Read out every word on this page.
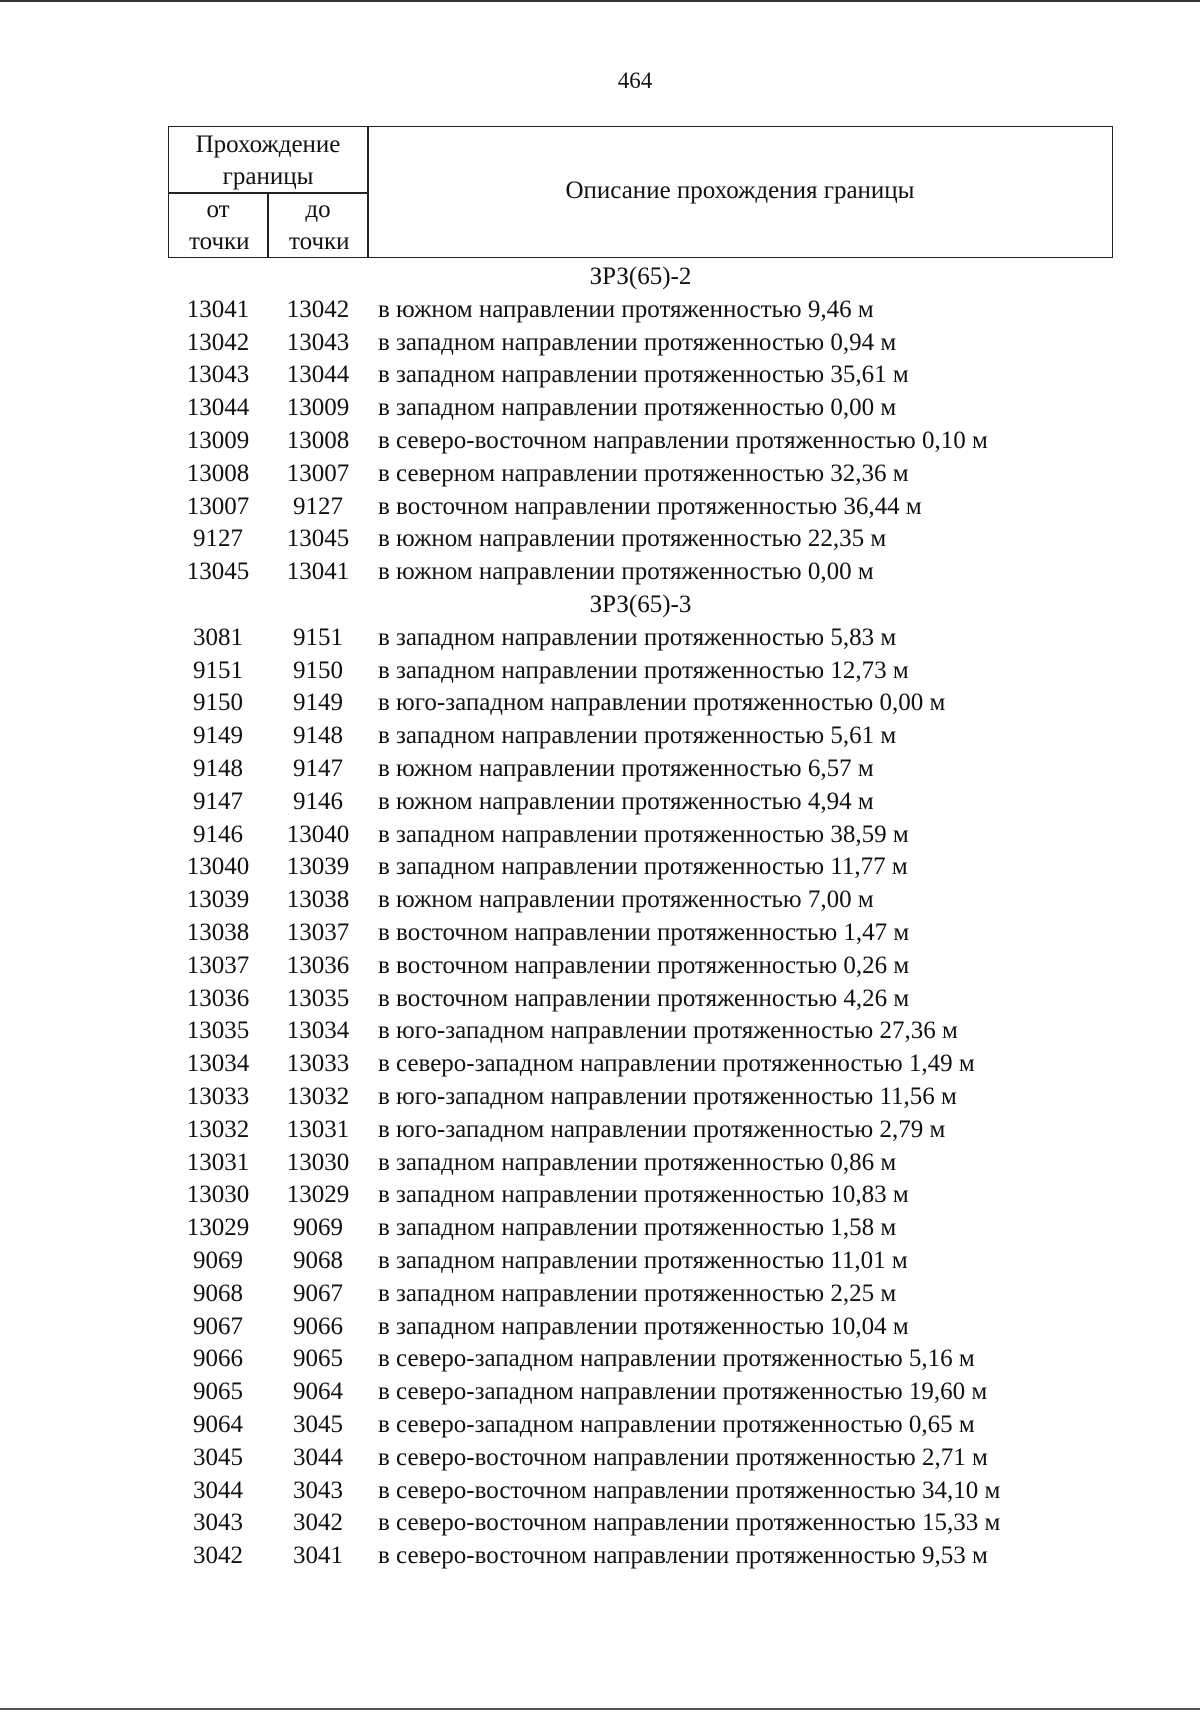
464
Прохождение границы
от точки
до точки
Описание прохождения границы
ЗРЗ(65)-2
13041	13042	в южном направлении протяженностью 9,46 м
13042	13043	в западном направлении протяженностью 0,94 м
13043	13044	в западном направлении протяженностью 35,61 м
13044	13009	в западном направлении протяженностью 0,00 м
13009	13008	в северо-восточном направлении протяженностью 0,10 м
13008	13007	в северном направлении протяженностью 32,36 м
13007	9127	в восточном направлении протяженностью 36,44 м
9127	13045	в южном направлении протяженностью 22,35 м
13045	13041	в южном направлении протяженностью 0,00 м
ЗРЗ(65)-3
3081	9151	в западном направлении протяженностью 5,83 м
9151	9150	в западном направлении протяженностью 12,73 м
9150	9149	в юго-западном направлении протяженностью 0,00 м
9149	9148	в западном направлении протяженностью 5,61 м
9148	9147	в южном направлении протяженностью 6,57 м
9147	9146	в южном направлении протяженностью 4,94 м
9146	13040	в западном направлении протяженностью 38,59 м
13040	13039	в западном направлении протяженностью 11,77 м
13039	13038	в южном направлении протяженностью 7,00 м
13038	13037	в восточном направлении протяженностью 1,47 м
13037	13036	в восточном направлении протяженностью 0,26 м
13036	13035	в восточном направлении протяженностью 4,26 м
13035	13034	в юго-западном направлении протяженностью 27,36 м
13034	13033	в северо-западном направлении протяженностью 1,49 м
13033	13032	в юго-западном направлении протяженностью 11,56 м
13032	13031	в юго-западном направлении протяженностью 2,79 м
13031	13030	в западном направлении протяженностью 0,86 м
13030	13029	в западном направлении протяженностью 10,83 м
13029	9069	в западном направлении протяженностью 1,58 м
9069	9068	в западном направлении протяженностью 11,01 м
9068	9067	в западном направлении протяженностью 2,25 м
9067	9066	в западном направлении протяженностью 10,04 м
9066	9065	в северо-западном направлении протяженностью 5,16 м
9065	9064	в северо-западном направлении протяженностью 19,60 м
9064	3045	в северо-западном направлении протяженностью 0,65 м
3045	3044	в северо-восточном направлении протяженностью 2,71 м
3044	3043	в северо-восточном направлении протяженностью 34,10 м
3043	3042	в северо-восточном направлении протяженностью 15,33 м
3042	3041	в северо-восточном направлении протяженностью 9,53 м
